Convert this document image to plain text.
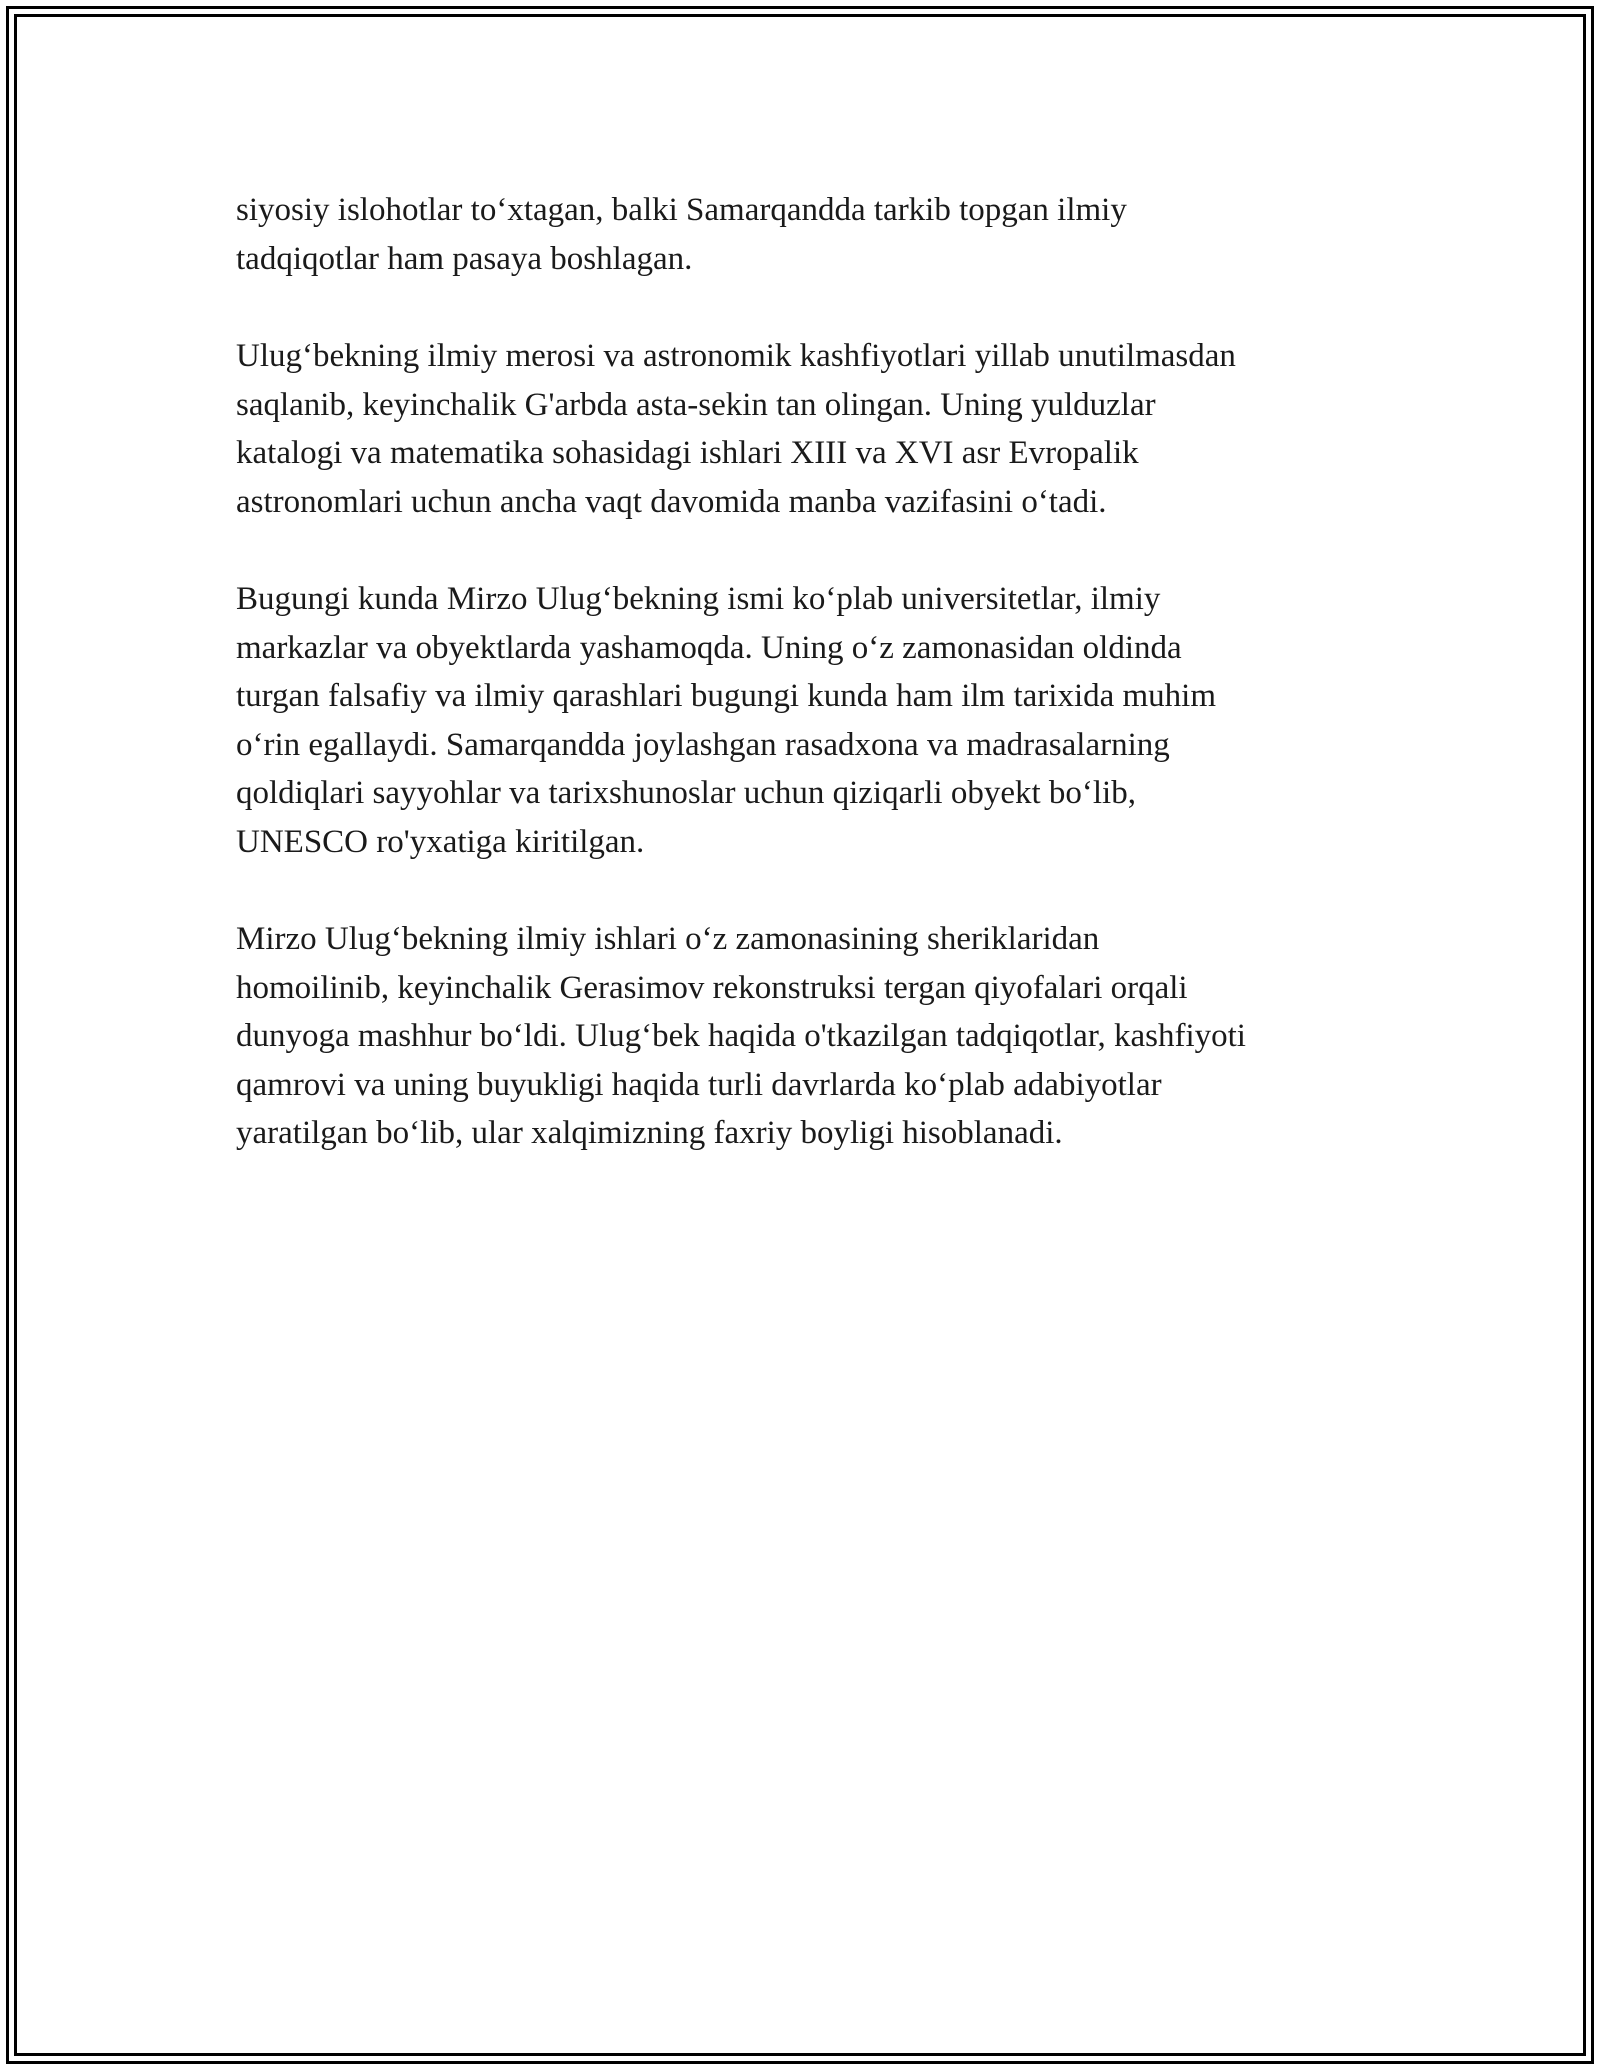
siyosiy islohotlar to‘xtagan, balki Samarqandda tarkib topgan ilmiy
tadqiqotlar ham pasaya boshlagan.

Ulug‘bekning ilmiy merosi va astronomik kashfiyotlari yillab unutilmasdan
saqlanib, keyinchalik G'arbda asta-sekin tan olingan. Uning yulduzlar
katalogi va matematika sohasidagi ishlari XIII va XVI asr Evropalik
astronomlari uchun ancha vaqt davomida manba vazifasini o‘tadi.

Bugungi kunda Mirzo Ulug‘bekning ismi ko‘plab universitetlar, ilmiy
markazlar va obyektlarda yashamoqda. Uning o‘z zamonasidan oldinda
turgan falsafiy va ilmiy qarashlari bugungi kunda ham ilm tarixida muhim
o‘rin egallaydi. Samarqandda joylashgan rasadxona va madrasalarning
qoldiqlari sayyohlar va tarixshunoslar uchun qiziqarli obyekt bo‘lib,
UNESCO ro'yxatiga kiritilgan.

Mirzo Ulug‘bekning ilmiy ishlari o‘z zamonasining sheriklaridan
homoilinib, keyinchalik Gerasimov rekonstruksi tergan qiyofalari orqali
dunyoga mashhur bo‘ldi. Ulug‘bek haqida o'tkazilgan tadqiqotlar, kashfiyoti
qamrovi va uning buyukligi haqida turli davrlarda ko‘plab adabiyotlar
yaratilgan bo‘lib, ular xalqimizning faxriy boyligi hisoblanadi.
